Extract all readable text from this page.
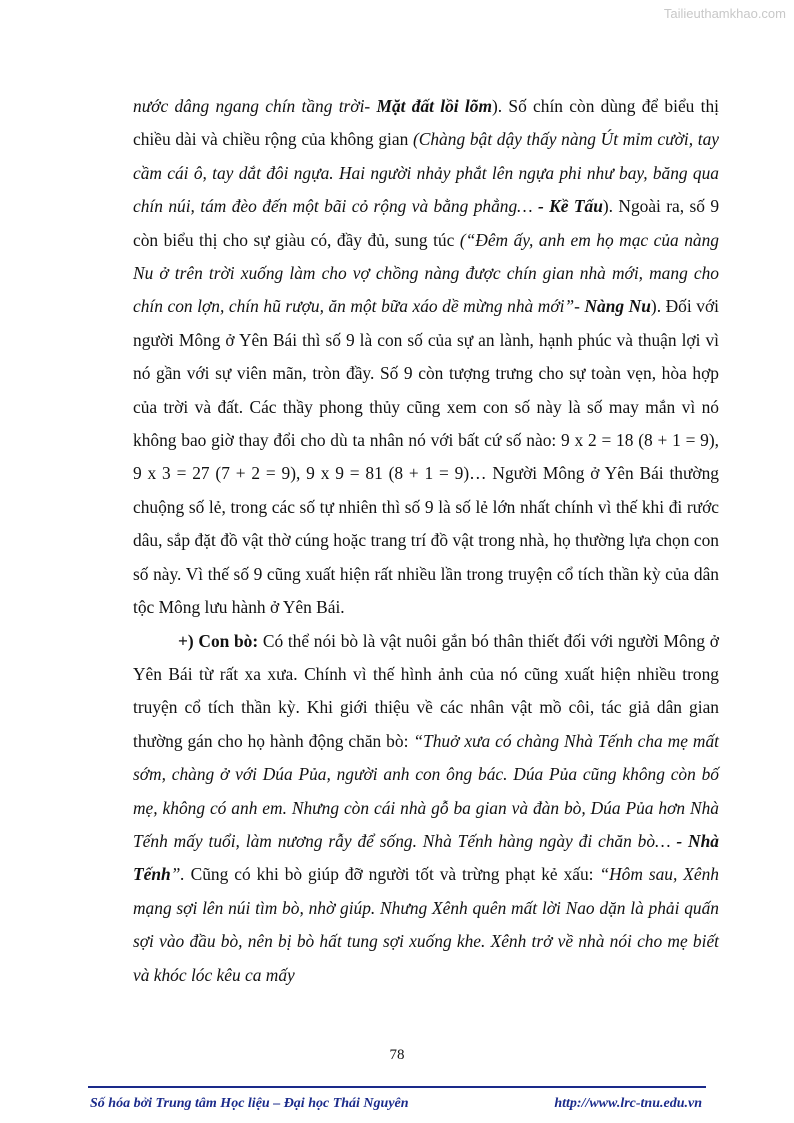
Tailieuthamkhao.com

nước dâng ngang chín tầng trời- Mặt đất lồi lõm). Số chín còn dùng để biểu thị chiều dài và chiều rộng của không gian (Chàng bật dậy thấy nàng Út mỉm cười, tay cầm cái ô, tay dắt đôi ngựa. Hai người nhảy phắt lên ngựa phi như bay, băng qua chín núi, tám đèo đến một bãi cỏ rộng và bằng phẳng… - Kề Tấu). Ngoài ra, số 9 còn biểu thị cho sự giàu có, đầy đủ, sung túc (“Đêm ấy, anh em họ mạc của nàng Nu ở trên trời xuống làm cho vợ chồng nàng được chín gian nhà mới, mang cho chín con lợn, chín hũ rượu, ăn một bữa xáo dề mừng nhà mới”- Nàng Nu). Đối với người Mông ở Yên Bái thì số 9 là con số của sự an lành, hạnh phúc và thuận lợi vì nó gần với sự viên mãn, tròn đầy. Số 9 còn tượng trưng cho sự toàn vẹn, hòa hợp của trời và đất. Các thầy phong thủy cũng xem con số này là số may mắn vì nó không bao giờ thay đổi cho dù ta nhân nó với bất cứ số nào: 9 x 2 = 18 (8 + 1 = 9), 9 x 3 = 27 (7 + 2 = 9), 9 x 9 = 81 (8 + 1 = 9)… Người Mông ở Yên Bái thường chuộng số lẻ, trong các số tự nhiên thì số 9 là số lẻ lớn nhất chính vì thế khi đi rước dâu, sắp đặt đồ vật thờ cúng hoặc trang trí đồ vật trong nhà, họ thường lựa chọn con số này. Vì thế số 9 cũng xuất hiện rất nhiều lần trong truyện cổ tích thần kỳ của dân tộc Mông lưu hành ở Yên Bái.

+) Con bò: Có thể nói bò là vật nuôi gắn bó thân thiết đối với người Mông ở Yên Bái từ rất xa xưa. Chính vì thế hình ảnh của nó cũng xuất hiện nhiều trong truyện cổ tích thần kỳ. Khi giới thiệu về các nhân vật mồ côi, tác giả dân gian thường gán cho họ hành động chăn bò: “Thuở xưa có chàng Nhà Tếnh cha mẹ mất sớm, chàng ở với Dúa Pủa, người anh con ông bác. Dúa Pủa cũng không còn bố mẹ, không có anh em. Nhưng còn cái nhà gỗ ba gian và đàn bò, Dúa Pủa hơn Nhà Tếnh mấy tuổi, làm nương rẫy để sống. Nhà Tếnh hàng ngày đi chăn bò… - Nhà Tếnh”. Cũng có khi bò giúp đỡ người tốt và trừng phạt kẻ xấu: “Hôm sau, Xênh mạng sợi lên núi tìm bò, nhờ giúp. Nhưng Xênh quên mất lời Nao dặn là phải quấn sợi vào đầu bò, nên bị bò hất tung sợi xuống khe. Xênh trở về nhà nói cho mẹ biết và khóc lóc kêu ca mấy

78
Số hóa bởi Trung tâm Học liệu – Đại học Thái Nguyên	http://www.lrc-tnu.edu.vn
